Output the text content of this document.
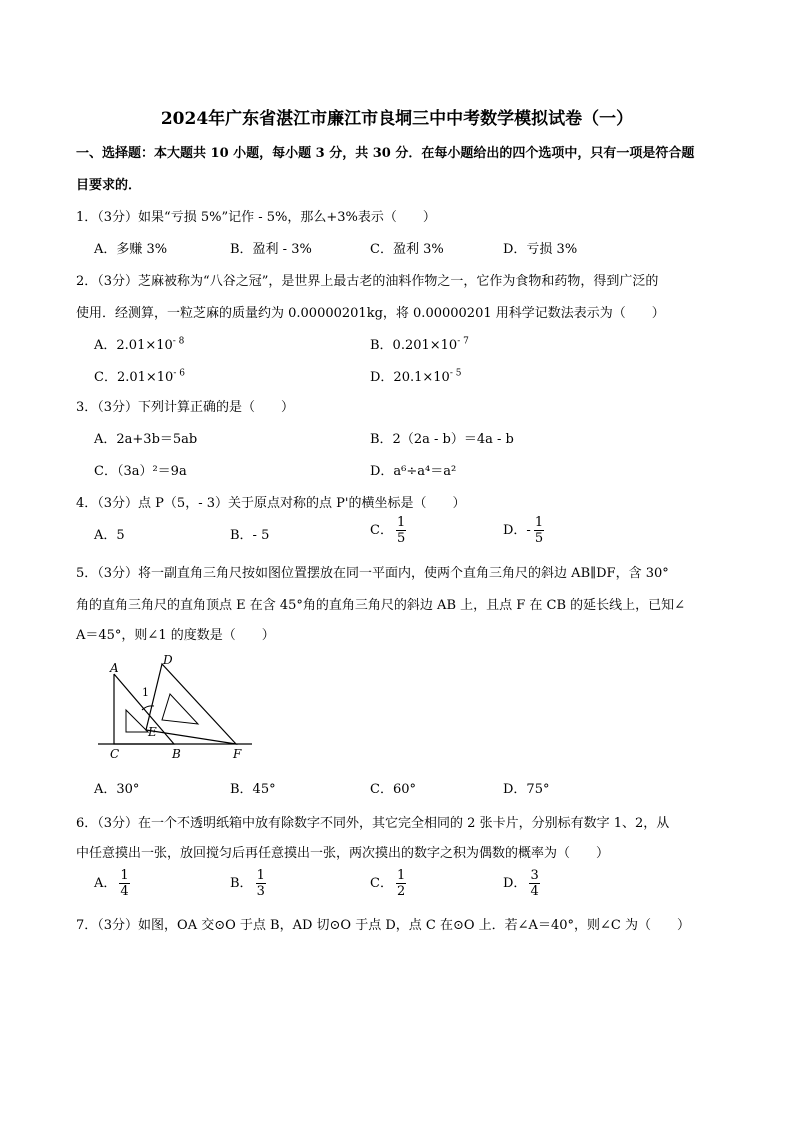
2024年广东省湛江市廉江市良垌三中中考数学模拟试卷（一）
一、选择题：本大题共 10 小题，每小题 3 分，共 30 分．在每小题给出的四个选项中，只有一项是符合题
目要求的．
1．（3分）如果“亏损 5%”记作 - 5%，那么+3%表示（　　）
A．多赚 3%	B．盈利 - 3%	C．盈利 3%	D．亏损 3%
2．（3分）芝麻被称为“八谷之冠”，是世界上最古老的油料作物之一，它作为食物和药物，得到广泛的
使用．经测算，一粒芝麻的质量约为 0.00000201kg，将 0.00000201 用科学记数法表示为（　　）
A．$2.01\times 10^{- 8}$	B．$0.201\times 10^{- 7}$
C．$2.01\times 10^{- 6}$	D．$20.1\times 10^{- 5}$
3．（3分）下列计算正确的是（　　）
A．2a+3b＝5ab	B．2（2a - b）＝4a - b
C．（3a）²＝9a	D．a⁶÷a⁴＝a²
4．（3分）点 P（5，- 3）关于原点对称的点 P'的横坐标是（　　）
A．5	B．- 5	C． $\frac{1}{5}$	D．- $\frac{1}{5}$
5．（3分）将一副直角三角尺按如图位置摆放在同一平面内，使两个直角三角尺的斜边 AB∥DF，含 30°
角的直角三角尺的直角顶点 E 在含 45°角的直角三角尺的斜边 AB 上，且点 F 在 CB 的延长线上，已知∠
A＝45°，则∠1 的度数是（　　）
A
D
1
E
C	B	F
A．30°	B．45°	C．60°	D．75°
6．（3分）在一个不透明纸箱中放有除数字不同外，其它完全相同的 2 张卡片，分别标有数字 1、2，从
中任意摸出一张，放回搅匀后再任意摸出一张，两次摸出的数字之积为偶数的概率为（　　）
A． $\frac{1}{4}$	B． $\frac{1}{3}$	C． $\frac{1}{2}$	D． $\frac{3}{4}$
7．（3分）如图，OA 交⊙O 于点 B，AD 切⊙O 于点 D，点 C 在⊙O 上．若∠A＝40°，则∠C 为（　　）
